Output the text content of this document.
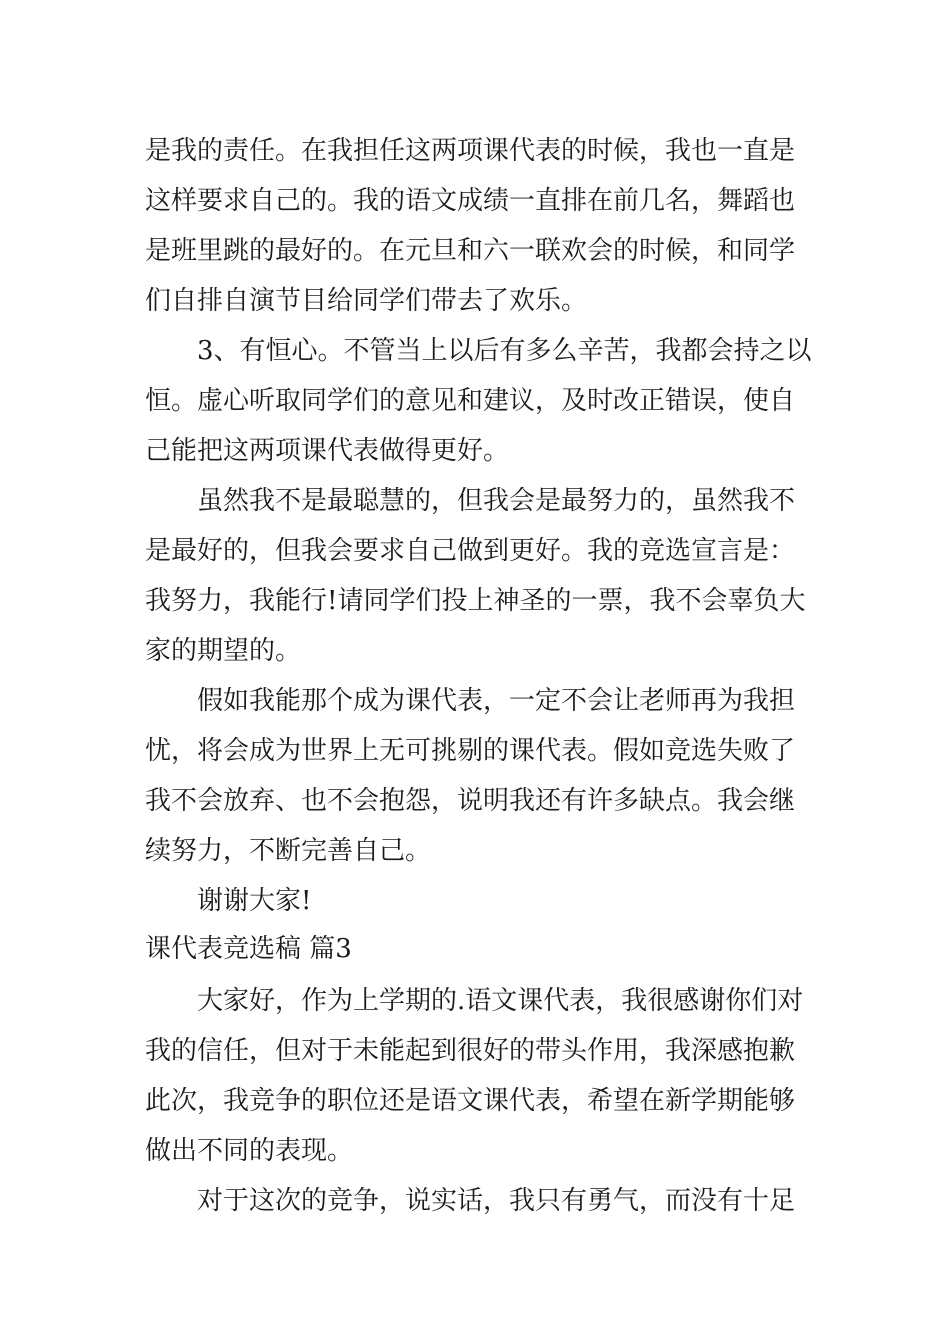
是我的责任。在我担任这两项课代表的时候，我也一直是
这样要求自己的。我的语文成绩一直排在前几名，舞蹈也
是班里跳的最好的。在元旦和六一联欢会的时候，和同学
们自排自演节目给同学们带去了欢乐。
3、有恒心。不管当上以后有多么辛苦，我都会持之以
恒。虚心听取同学们的意见和建议，及时改正错误，使自
己能把这两项课代表做得更好。
虽然我不是最聪慧的，但我会是最努力的，虽然我不
是最好的，但我会要求自己做到更好。我的竞选宣言是：
我努力，我能行!请同学们投上神圣的一票，我不会辜负大
家的期望的。
假如我能那个成为课代表，一定不会让老师再为我担
忧，将会成为世界上无可挑剔的课代表。假如竞选失败了
我不会放弃、也不会抱怨，说明我还有许多缺点。我会继
续努力，不断完善自己。
谢谢大家!
课代表竞选稿 篇3
大家好，作为上学期的.语文课代表，我很感谢你们对
我的信任，但对于未能起到很好的带头作用，我深感抱歉
此次，我竞争的职位还是语文课代表，希望在新学期能够
做出不同的表现。
对于这次的竞争，说实话，我只有勇气，而没有十足
